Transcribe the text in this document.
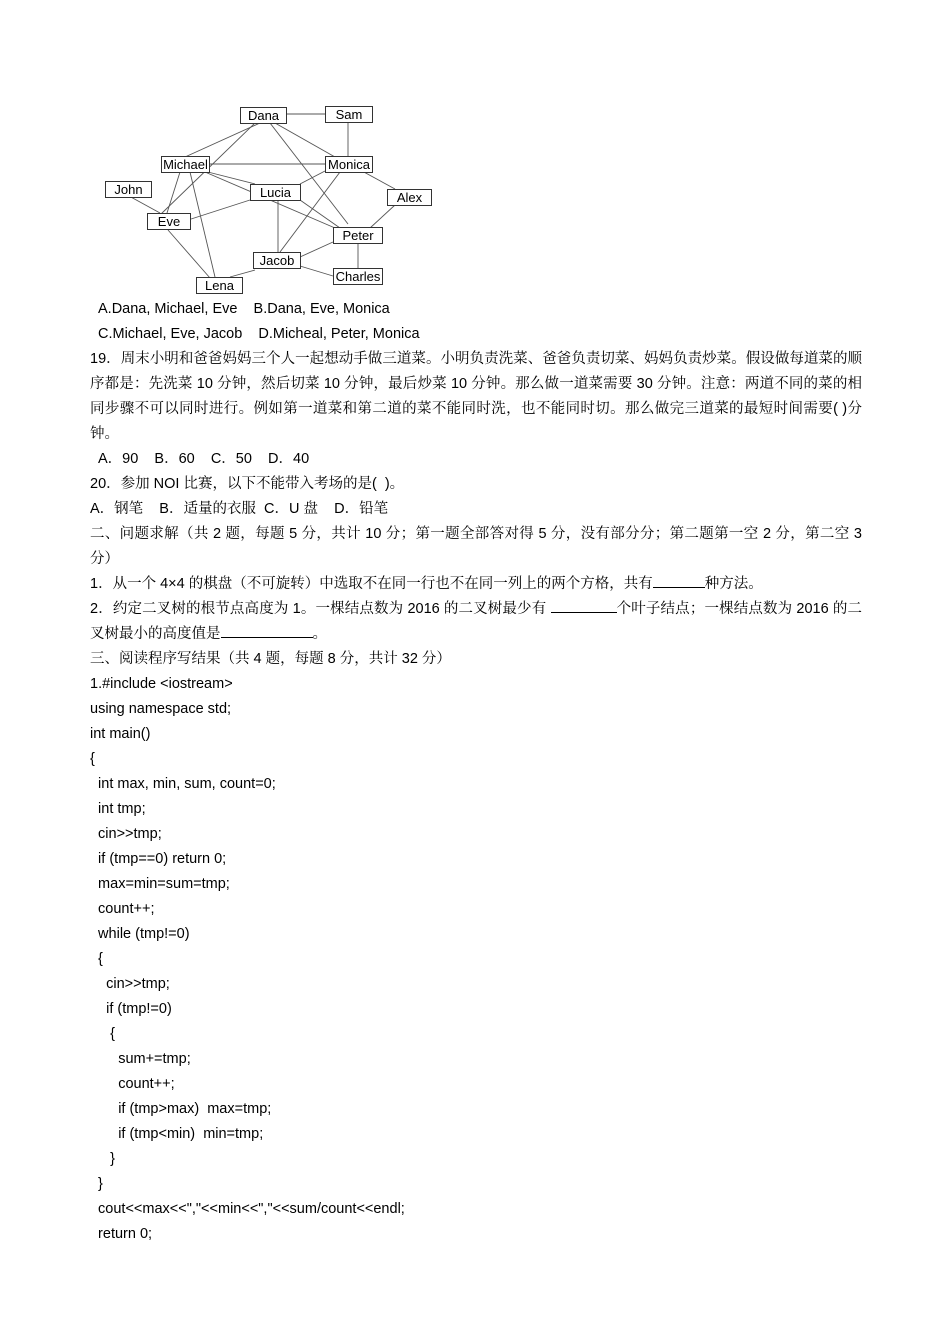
Dana	Sam
Michael	Monica
John	Lucia	Alex
Eve
Peter
Jacob
Charles
Lena
A.Dana, Michael, Eve    B.Dana, Eve, Monica
C.Michael, Eve, Jacob    D.Micheal, Peter, Monica
19．周末小明和爸爸妈妈三个人一起想动手做三道菜。小明负责洗菜、爸爸负责切菜、妈妈负责炒菜。假设做每道菜的顺序都是：先洗菜 10 分钟，然后切菜 10 分钟，最后炒菜 10 分钟。那么做一道菜需要 30 分钟。注意：两道不同的菜的相同步骤不可以同时进行。例如第一道菜和第二道的菜不能同时洗，也不能同时切。那么做完三道菜的最短时间需要( )分钟。
A．90    B．60    C．50    D．40
20．参加 NOI 比赛，以下不能带入考场的是(  )。
A．钢笔    B．适量的衣服  C．U 盘    D．铅笔
二、问题求解（共 2 题，每题 5 分，共计 10 分；第一题全部答对得 5 分，没有部分分；第二题第一空 2 分，第二空 3 分）
1．从一个 4×4 的棋盘（不可旋转）中选取不在同一行也不在同一列上的两个方格，共有	种方法。
2．约定二叉树的根节点高度为 1。一棵结点数为 2016 的二叉树最少有	个叶子结点；一棵结点数为 2016 的二叉树最小的高度值是	。
三、阅读程序写结果（共 4 题，每题 8 分，共计 32 分）
1.#include <iostream>
using namespace std;
int main()
{
int max, min, sum, count=0;
int tmp;
cin>>tmp;
if (tmp==0) return 0;
max=min=sum=tmp;
count++;
while (tmp!=0)
{
cin>>tmp;
if (tmp!=0)
{
sum+=tmp;
count++;
if (tmp>max)  max=tmp;
if (tmp<min)  min=tmp;
}
}
cout<<max<<","<<min<<","<<sum/count<<endl;
return 0;
